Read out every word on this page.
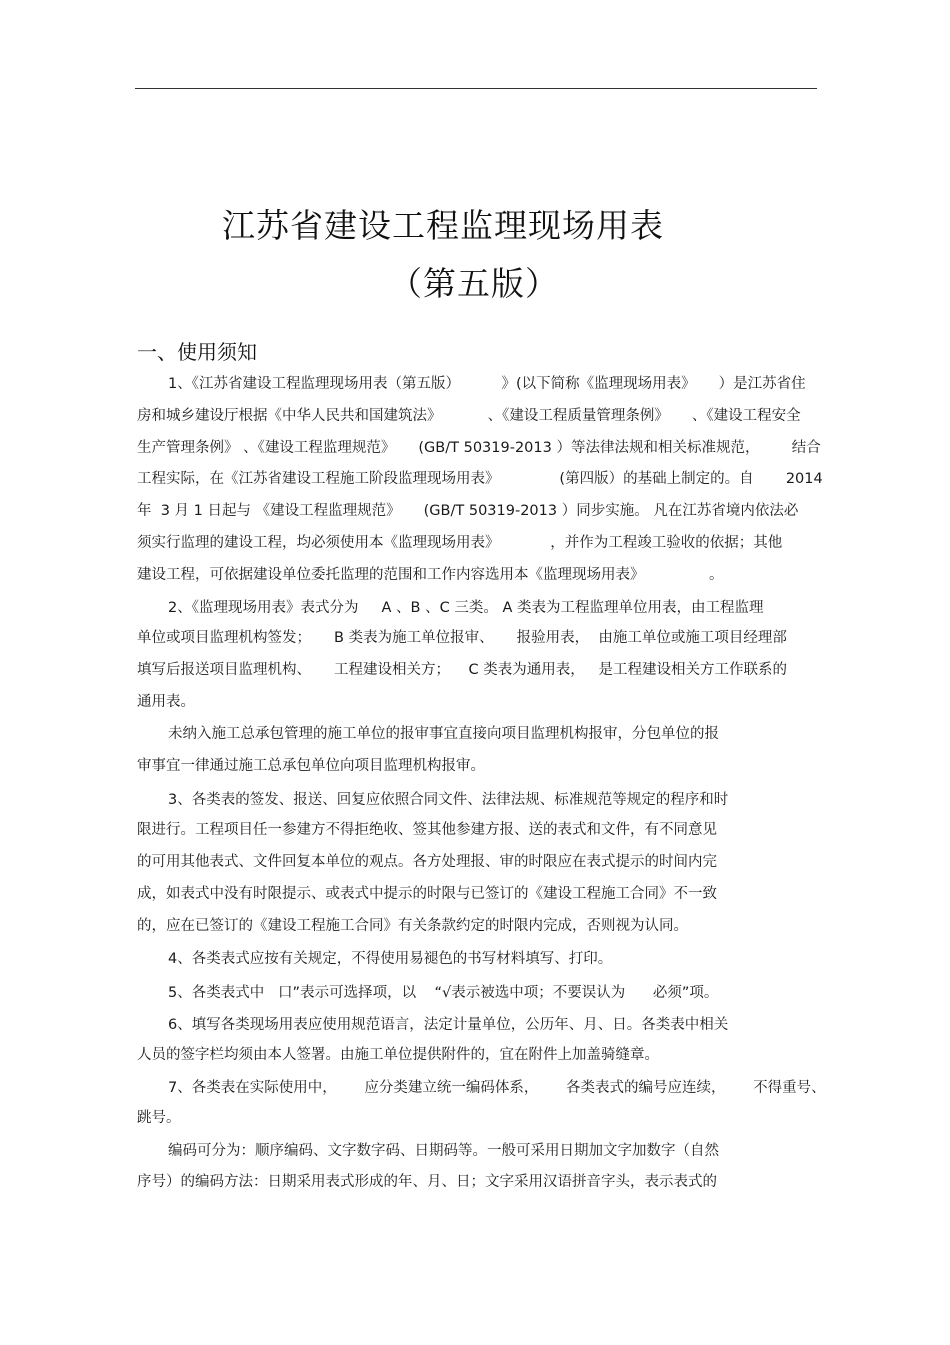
江苏省建设工程监理现场用表
（第五版）
一、使用须知
1、《江苏省建设工程监理现场用表（第五版）         》(以下简称《监理现场用表》     ）是江苏省住
房和城乡建设厅根据《中华人民共和国建筑法》          、《建设工程质量管理条例》     、《建设工程安全
生产管理条例》 、《建设工程监理规范》     (GB/T 50319-2013 ）等法律法规和相关标准规范，       结合
工程实际，在《江苏省建设工程施工阶段监理现场用表》             (第四版）的基础上制定的。自       2014
年  3 月 1 日起与 《建设工程监理规范》     (GB/T 50319-2013 ）同步实施。 凡在江苏省境内依法必
须实行监理的建设工程，均必须使用本《监理现场用表》           ，并作为工程竣工验收的依据；其他
建设工程，可依据建设单位委托监理的范围和工作内容选用本《监理现场用表》              。
2、《监理现场用表》表式分为     A 、B 、C 三类。 A 类表为工程监理单位用表，由工程监理
单位或项目监理机构签发；     B 类表为施工单位报审、     报验用表，  由施工单位或施工项目经理部
填写后报送项目监理机构、     工程建设相关方；    C 类表为通用表，   是工程建设相关方工作联系的
通用表。
未纳入施工总承包管理的施工单位的报审事宜直接向项目监理机构报审，分包单位的报
审事宜一律通过施工总承包单位向项目监理机构报审。
3、各类表的签发、报送、回复应依照合同文件、法律法规、标准规范等规定的程序和时
限进行。工程项目任一参建方不得拒绝收、签其他参建方报、送的表式和文件，有不同意见
的可用其他表式、文件回复本单位的观点。各方处理报、审的时限应在表式提示的时间内完
成，如表式中没有时限提示、或表式中提示的时限与已签订的《建设工程施工合同》不一致
的，应在已签订的《建设工程施工合同》有关条款约定的时限内完成，否则视为认同。
4、各类表式应按有关规定，不得使用易褪色的书写材料填写、打印。
5、各类表式中   口”表示可选择项，以    “√表示被选中项；不要误认为      必须”项。
6、填写各类现场用表应使用规范语言，法定计量单位，公历年、月、日。各类表中相关
人员的签字栏均须由本人签署。由施工单位提供附件的，宜在附件上加盖骑缝章。
7、各类表在实际使用中，      应分类建立统一编码体系，      各类表式的编号应连续，      不得重号、
跳号。
编码可分为：顺序编码、文字数字码、日期码等。一般可采用日期加文字加数字（自然
序号）的编码方法：日期采用表式形成的年、月、日；文字采用汉语拼音字头，表示表式的
